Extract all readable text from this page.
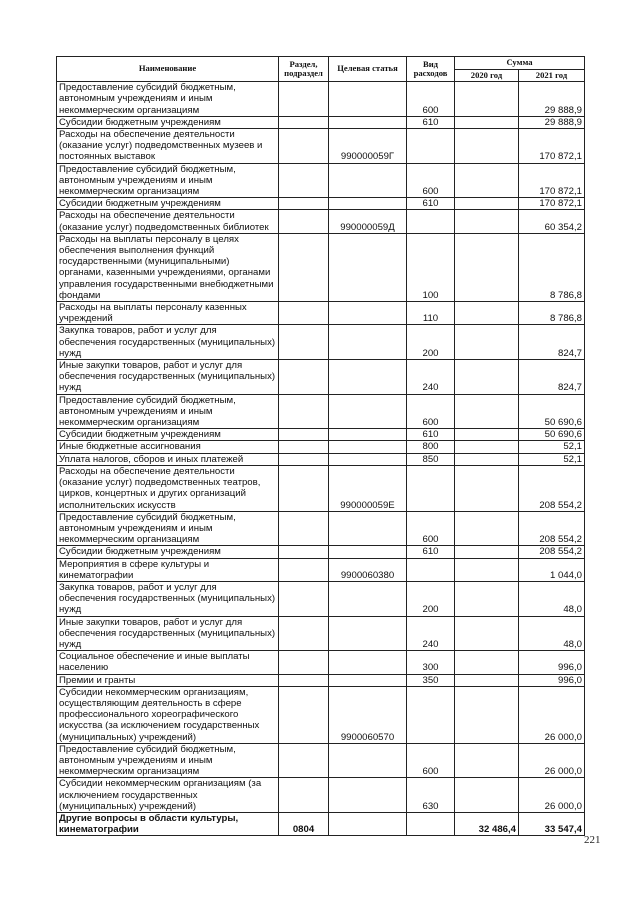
Наименование	Раздел, подраздел	Целевая статья	Вид расходов	Сумма	
				2020 год	2021 год
Предоставление субсидий бюджетным, автономным учреждениям и иным некоммерческим организациям			600		29 888,9
Субсидии бюджетным учреждениям			610		29 888,9
Расходы на обеспечение деятельности (оказание услуг) подведомственных музеев и постоянных выставок		990000059Г			170 872,1
Предоставление субсидий бюджетным, автономным учреждениям и иным некоммерческим организациям			600		170 872,1
Субсидии бюджетным учреждениям			610		170 872,1
Расходы на обеспечение деятельности (оказание услуг) подведомственных библиотек		990000059Д			60 354,2
Расходы на выплаты персоналу в целях обеспечения выполнения функций государственными (муниципальными) органами, казенными учреждениями, органами управления государственными внебюджетными фондами			100		8 786,8
Расходы на выплаты персоналу казенных учреждений			110		8 786,8
Закупка товаров, работ и услуг для обеспечения государственных (муниципальных) нужд			200		824,7
Иные закупки товаров, работ и услуг для обеспечения государственных (муниципальных) нужд			240		824,7
Предоставление субсидий бюджетным, автономным учреждениям и иным некоммерческим организациям			600		50 690,6
Субсидии бюджетным учреждениям			610		50 690,6
Иные бюджетные ассигнования			800		52,1
Уплата налогов, сборов и иных платежей			850		52,1
Расходы на обеспечение деятельности (оказание услуг) подведомственных театров, цирков, концертных и других организаций исполнительских искусств		990000059Е			208 554,2
Предоставление субсидий бюджетным, автономным учреждениям и иным некоммерческим организациям			600		208 554,2
Субсидии бюджетным учреждениям			610		208 554,2
Мероприятия в сфере культуры и кинематографии		9900060380			1 044,0
Закупка товаров, работ и услуг для обеспечения государственных (муниципальных) нужд			200		48,0
Иные закупки товаров, работ и услуг для обеспечения государственных (муниципальных) нужд			240		48,0
Социальное обеспечение и иные выплаты населению			300		996,0
Премии и гранты			350		996,0
Субсидии некоммерческим организациям, осуществляющим деятельность в сфере профессионального хореографического искусства (за исключением государственных (муниципальных) учреждений)		9900060570			26 000,0
Предоставление субсидий бюджетным, автономным учреждениям и иным некоммерческим организациям			600		26 000,0
Субсидии некоммерческим организациям (за исключением государственных (муниципальных) учреждений)			630		26 000,0
Другие вопросы в области культуры, кинематографии	0804			32 486,4	33 547,4
221
